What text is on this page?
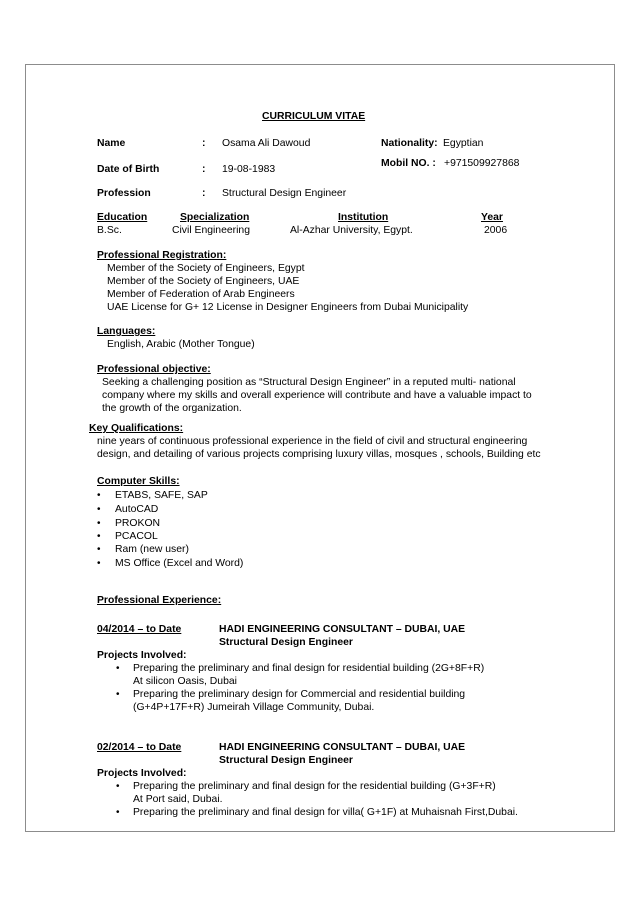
CURRICULUM VITAE
Name	: Osama Ali Dawoud	Nationality: Egyptian
Mobil NO. : +971509927868
Date of Birth	: 19-08-1983
Profession	: Structural Design Engineer
Education	Specialization	Institution	Year
B.Sc.	Civil Engineering	Al-Azhar University, Egypt.	2006
Professional Registration:
Member of the Society of Engineers, Egypt
Member of the Society of Engineers, UAE
Member of Federation of Arab Engineers
UAE License for G+ 12 License in Designer Engineers from Dubai Municipality
Languages:
English, Arabic (Mother Tongue)
Professional objective:
Seeking a challenging position as “Structural Design Engineer” in a reputed multi- national
company where my skills and overall experience will contribute and have a valuable impact to
the growth of the organization.
Key Qualifications:
nine years of continuous professional experience in the field of civil and structural engineering
design, and detailing of various projects comprising luxury villas, mosques , schools, Building etc
Computer Skills:
• ETABS, SAFE, SAP
• AutoCAD
• PROKON
• PCACOL
• Ram (new user)
• MS Office (Excel and Word)
Professional Experience:
04/2014 – to Date	HADI ENGINEERING CONSULTANT – DUBAI, UAE
Structural Design Engineer
Projects Involved:
• Preparing the preliminary and final design for residential building (2G+8F+R)
At silicon Oasis, Dubai
• Preparing the preliminary design for Commercial and residential building
(G+4P+17F+R) Jumeirah Village Community, Dubai.
02/2014 – to Date	HADI ENGINEERING CONSULTANT – DUBAI, UAE
Structural Design Engineer
Projects Involved:
• Preparing the preliminary and final design for the residential building (G+3F+R)
At Port said, Dubai.
• Preparing the preliminary and final design for villa( G+1F) at Muhaisnah First,Dubai.
